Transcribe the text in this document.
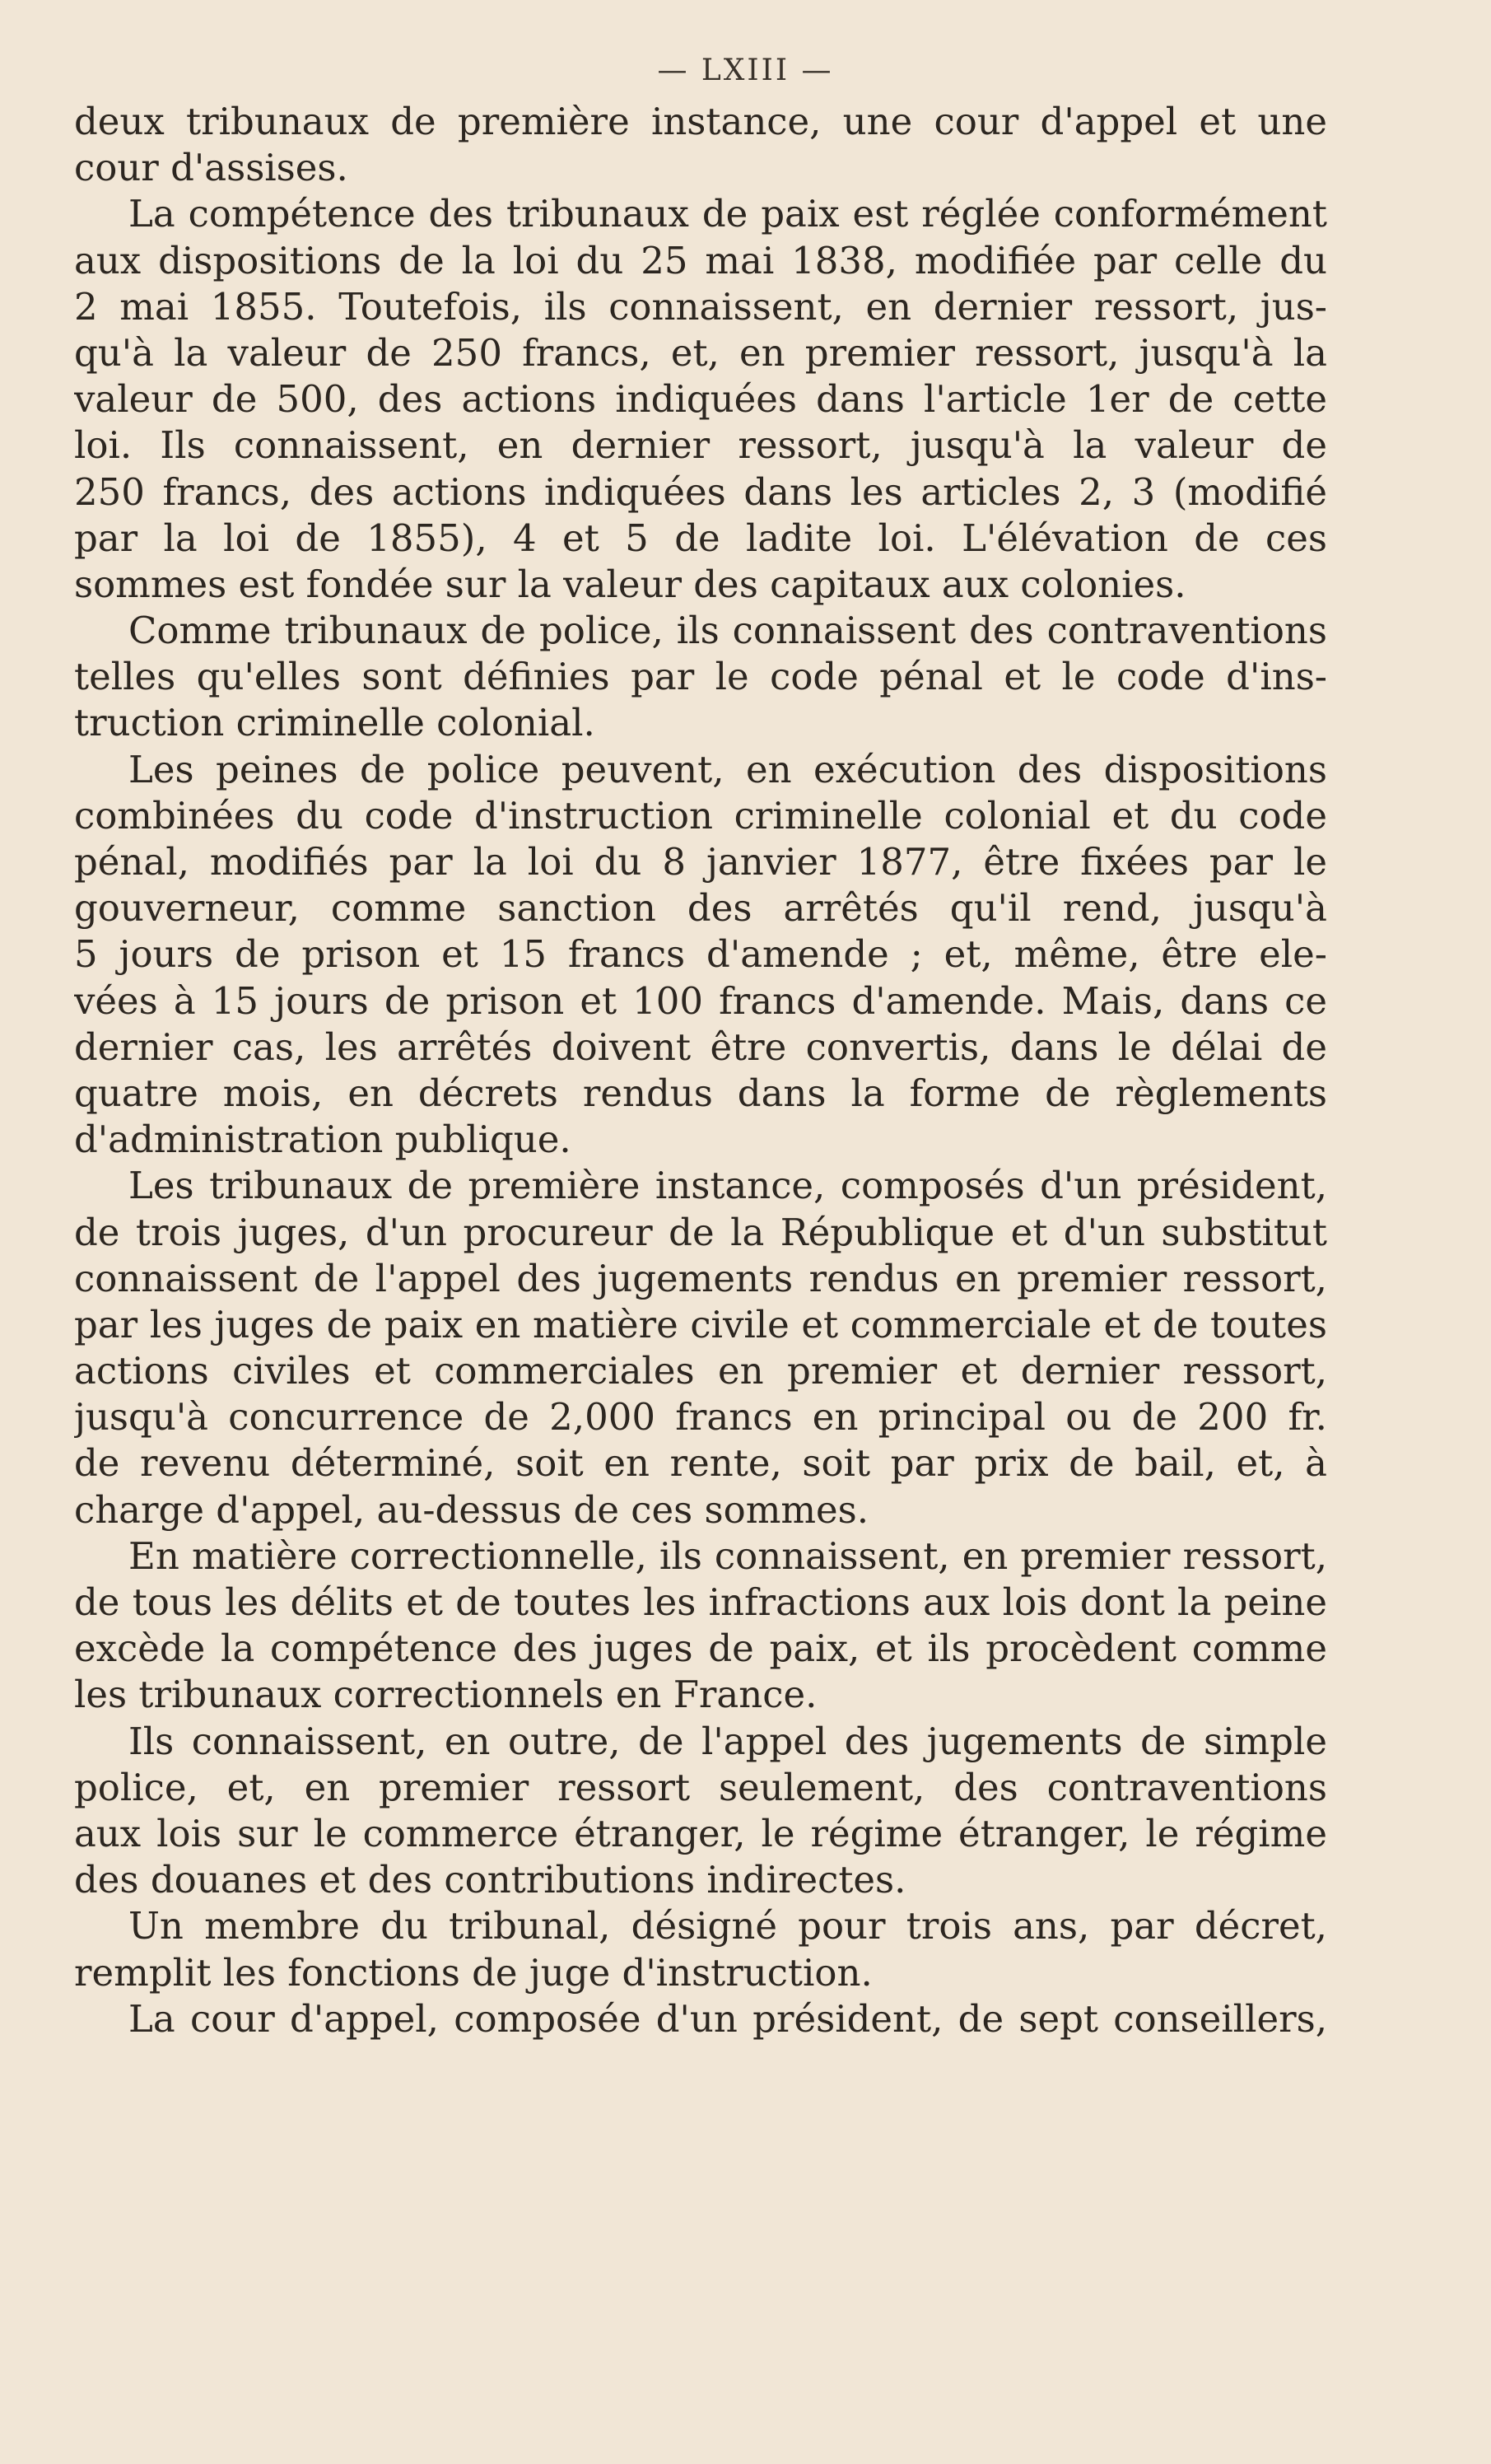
— LXIII —
deux tribunaux de première instance, une cour d'appel et une
cour d'assises.
La compétence des tribunaux de paix est réglée conformément
aux dispositions de la loi du 25 mai 1838, modifiée par celle du
2 mai 1855. Toutefois, ils connaissent, en dernier ressort, jus-
qu'à la valeur de 250 francs, et, en premier ressort, jusqu'à la
valeur de 500, des actions indiquées dans l'article 1er de cette
loi. Ils connaissent, en dernier ressort, jusqu'à la valeur de
250 francs, des actions indiquées dans les articles 2, 3 (modifié
par la loi de 1855), 4 et 5 de ladite loi. L'élévation de ces
sommes est fondée sur la valeur des capitaux aux colonies.
Comme tribunaux de police, ils connaissent des contraventions
telles qu'elles sont définies par le code pénal et le code d'ins-
truction criminelle colonial.
Les peines de police peuvent, en exécution des dispositions
combinées du code d'instruction criminelle colonial et du code
pénal, modifiés par la loi du 8 janvier 1877, être fixées par le
gouverneur, comme sanction des arrêtés qu'il rend, jusqu'à
5 jours de prison et 15 francs d'amende ; et, même, être ele-
vées à 15 jours de prison et 100 francs d'amende. Mais, dans ce
dernier cas, les arrêtés doivent être convertis, dans le délai de
quatre mois, en décrets rendus dans la forme de règlements
d'administration publique.
Les tribunaux de première instance, composés d'un président,
de trois juges, d'un procureur de la République et d'un substitut
connaissent de l'appel des jugements rendus en premier ressort,
par les juges de paix en matière civile et commerciale et de toutes
actions civiles et commerciales en premier et dernier ressort,
jusqu'à concurrence de 2,000 francs en principal ou de 200 fr.
de revenu déterminé, soit en rente, soit par prix de bail, et, à
charge d'appel, au-dessus de ces sommes.
En matière correctionnelle, ils connaissent, en premier ressort,
de tous les délits et de toutes les infractions aux lois dont la peine
excède la compétence des juges de paix, et ils procèdent comme
les tribunaux correctionnels en France.
Ils connaissent, en outre, de l'appel des jugements de simple
police, et, en premier ressort seulement, des contraventions
aux lois sur le commerce étranger, le régime étranger, le régime
des douanes et des contributions indirectes.
Un membre du tribunal, désigné pour trois ans, par décret,
remplit les fonctions de juge d'instruction.
La cour d'appel, composée d'un président, de sept conseillers,
